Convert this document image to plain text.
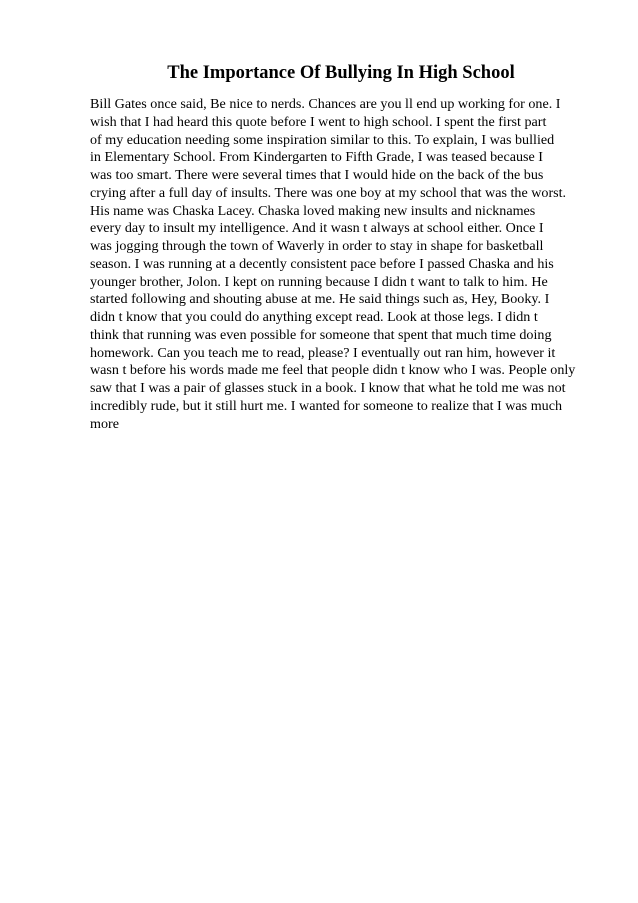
The Importance Of Bullying In High School
Bill Gates once said, Be nice to nerds. Chances are you ll end up working for one. I
wish that I had heard this quote before I went to high school. I spent the first part
of my education needing some inspiration similar to this. To explain, I was bullied
in Elementary School. From Kindergarten to Fifth Grade, I was teased because I
was too smart. There were several times that I would hide on the back of the bus
crying after a full day of insults. There was one boy at my school that was the worst.
His name was Chaska Lacey. Chaska loved making new insults and nicknames
every day to insult my intelligence. And it wasn t always at school either. Once I
was jogging through the town of Waverly in order to stay in shape for basketball
season. I was running at a decently consistent pace before I passed Chaska and his
younger brother, Jolon. I kept on running because I didn t want to talk to him. He
started following and shouting abuse at me. He said things such as, Hey, Booky. I
didn t know that you could do anything except read. Look at those legs. I didn t
think that running was even possible for someone that spent that much time doing
homework. Can you teach me to read, please? I eventually out ran him, however it
wasn t before his words made me feel that people didn t know who I was. People only
saw that I was a pair of glasses stuck in a book. I know that what he told me was not
incredibly rude, but it still hurt me. I wanted for someone to realize that I was much
more
